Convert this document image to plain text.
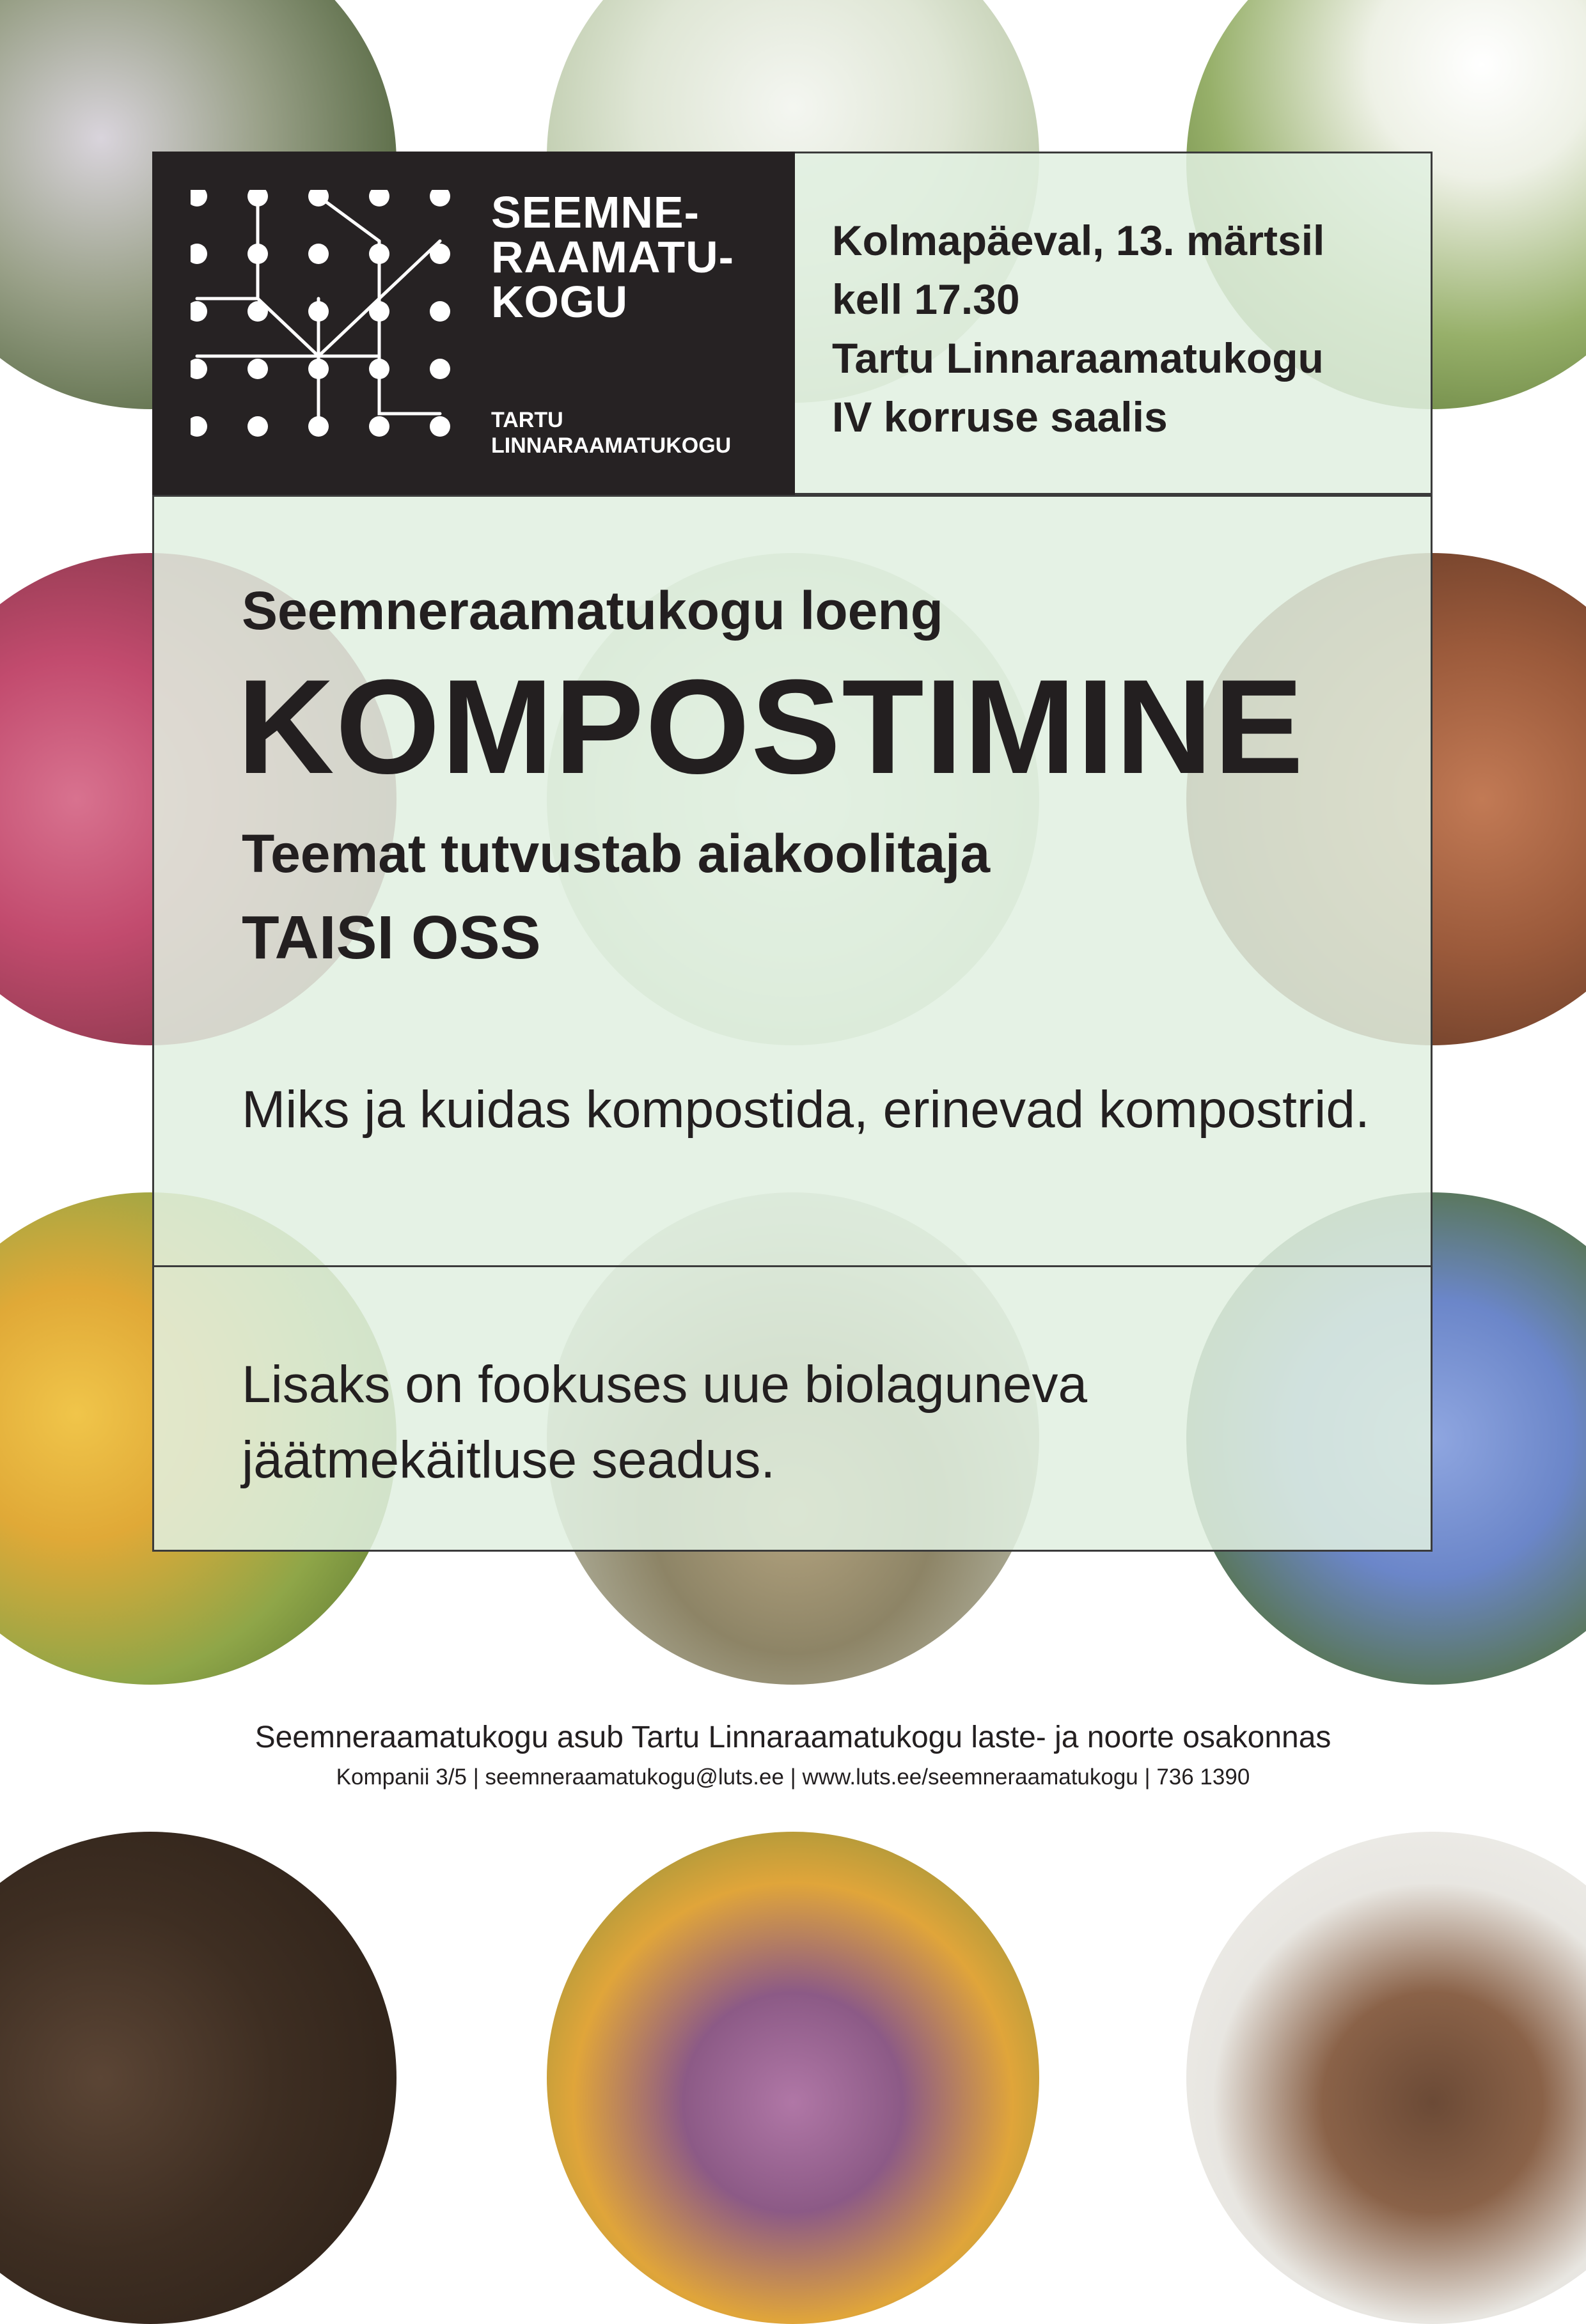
SEEMNE-
RAAMATU-
KOGU
TARTU
LINNARAAMATUKOGU
Kolmapäeval, 13. märtsil
kell 17.30
Tartu Linnaraamatukogu
IV korruse saalis
Seemneraamatukogu loeng
KOMPOSTIMINE
Teemat tutvustab aiakoolitaja
TAISI OSS
Miks ja kuidas kompostida, erinevad kompostrid.
Lisaks on fookuses uue biolaguneva jäätmekäitluse seadus.
Seemneraamatukogu asub Tartu Linnaraamatukogu laste- ja noorte osakonnas
Kompanii 3/5 | seemneraamatukogu@luts.ee | www.luts.ee/seemneraamatukogu | 736 1390
